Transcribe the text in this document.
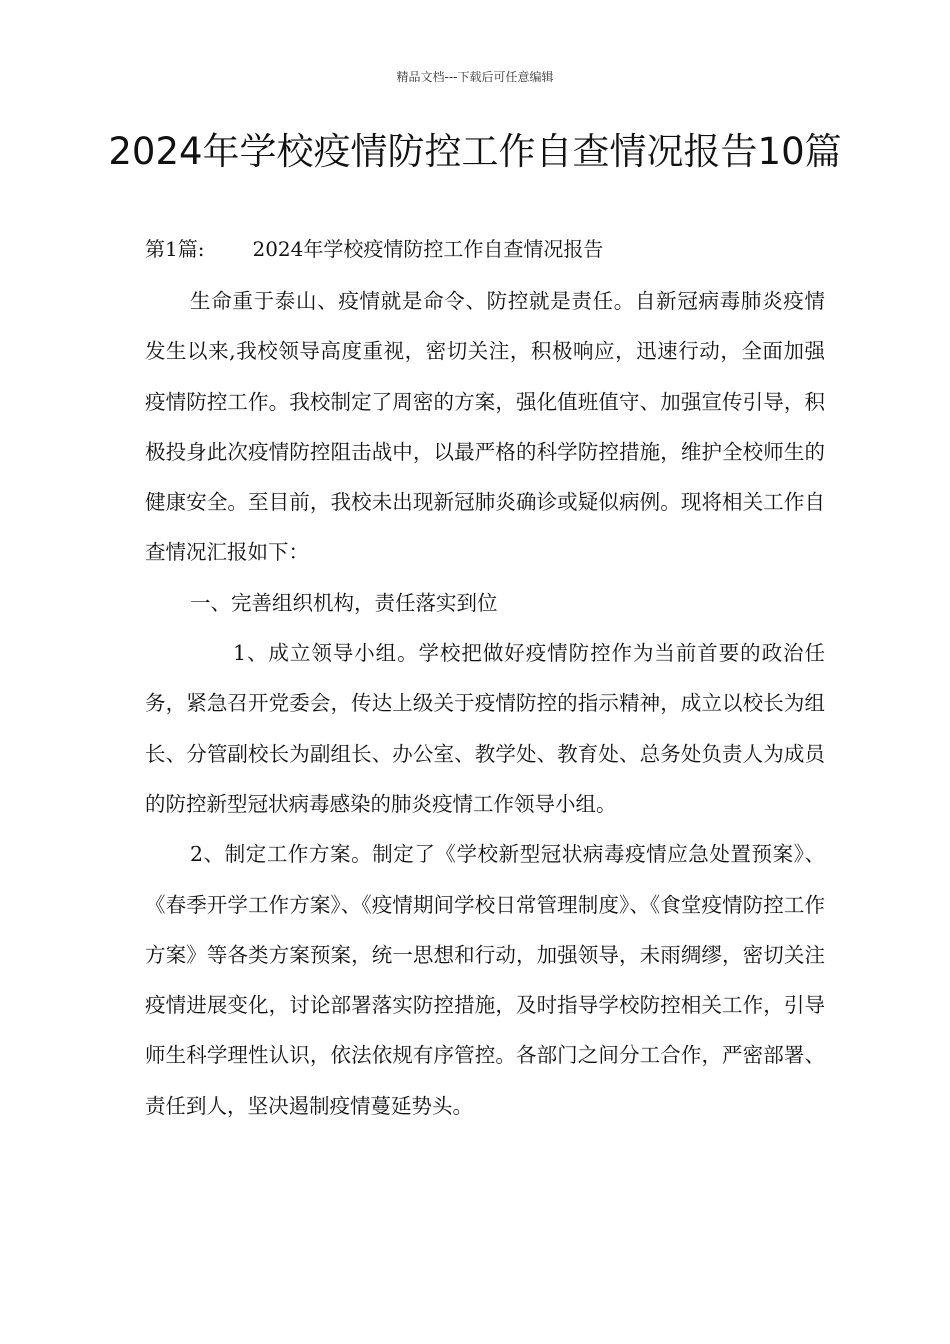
精品文档---下载后可任意编辑
2024年学校疫情防控工作自查情况报告10篇
第1篇: 2024年学校疫情防控工作自查情况报告

生命重于泰山、疫情就是命令、防控就是责任。自新冠病毒肺炎疫情发生以来,我校领导高度重视，密切关注，积极响应，迅速行动，全面加强疫情防控工作。我校制定了周密的方案，强化值班值守、加强宣传引导，积极投身此次疫情防控阻击战中，以最严格的科学防控措施，维护全校师生的健康安全。至目前，我校未出现新冠肺炎确诊或疑似病例。现将相关工作自查情况汇报如下：

一、完善组织机构，责任落实到位

1、成立领导小组。学校把做好疫情防控作为当前首要的政治任务，紧急召开党委会，传达上级关于疫情防控的指示精神，成立以校长为组长、分管副校长为副组长、办公室、教学处、教育处、总务处负责人为成员的防控新型冠状病毒感染的肺炎疫情工作领导小组。

2、制定工作方案。制定了《学校新型冠状病毒疫情应急处置预案》、《春季开学工作方案》、《疫情期间学校日常管理制度》、《食堂疫情防控工作方案》等各类方案预案，统一思想和行动，加强领导，未雨绸缪，密切关注疫情进展变化，讨论部署落实防控措施，及时指导学校防控相关工作，引导师生科学理性认识，依法依规有序管控。各部门之间分工合作，严密部署、责任到人，坚决遏制疫情蔓延势头。
